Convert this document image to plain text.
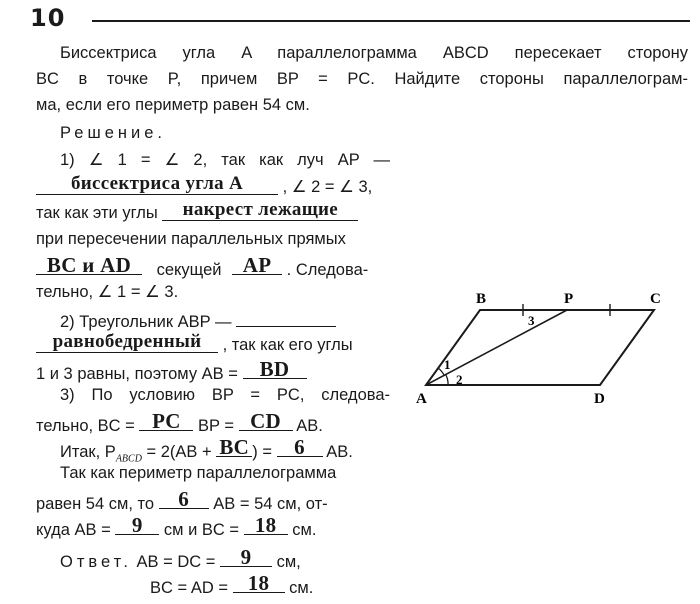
10
Биссектриса угла A параллелограмма ABCD пересекает сторону
BC в точке P, причем BP = PC. Найдите стороны параллелограм-
ма, если его периметр равен 54 см.
Решение.
1) ∠ 1 = ∠ 2, так как луч AP —
биссектриса угла A , ∠ 2 = ∠ 3,
так как эти углы накрест лежащие
при пересечении параллельных прямых
BC и AD секущей AP . Следова-
тельно, ∠ 1 = ∠ 3.
2) Треугольник ABP —
равнобедренный , так как его углы
1 и 3 равны, поэтому AB = BD
3) По условию BP = PC, следова-
тельно, BC = PC BP = CD AB.
Итак, $P_{ABCD} = 2(AB$ + BC ) = 6 AB.
Так как периметр параллелограмма
равен 54 см, то 6 AB = 54 см, от-
куда AB = 9 см и BC = 18 см.
Ответ. AB = DC = 9 см,
BC = AD = 18 см.
A
B	P	C
D
1
2
3
